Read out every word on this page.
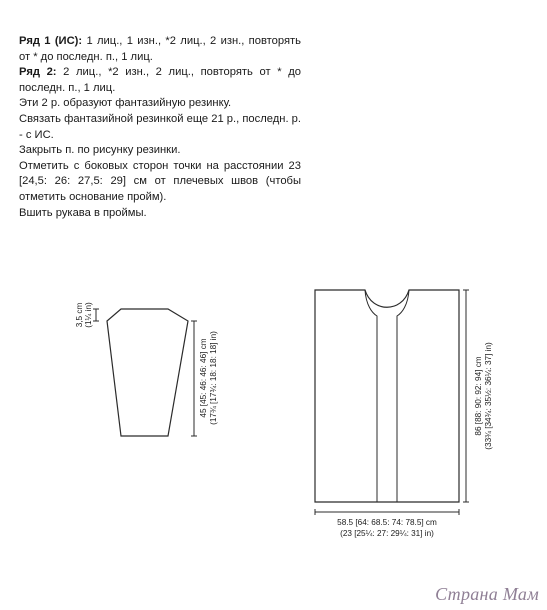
Ряд 1 (ИС): 1 лиц., 1 изн., *2 лиц., 2 изн., повторять от * до последн. п., 1 лиц.

Ряд 2: 2 лиц., *2 изн., 2 лиц., повторять от * до последн. п., 1 лиц.

Эти 2 р. образуют фантазийную резинку.

Связать фантазийной резинкой еще 21 р., последн. р. - с ИС.

Закрыть п. по рисунку резинки.

Отметить с боковых сторон точки на расстоянии 23 [24,5: 26: 27,5: 29] см от плечевых швов (чтобы отметить основание пройм).

Вшить рукава в проймы.

3,5 cm (1¼ in)
45 [45: 46: 46: 46] cm (17¾ [17¾: 18: 18: 18] in)	86 [88: 90: 92: 94] cm (33¾ [34¾: 35½: 36¼: 37] in)
58.5 [64: 68.5: 74: 78.5] cm
(23 [25¼: 27: 29¼: 31] in)
Страна Мам
